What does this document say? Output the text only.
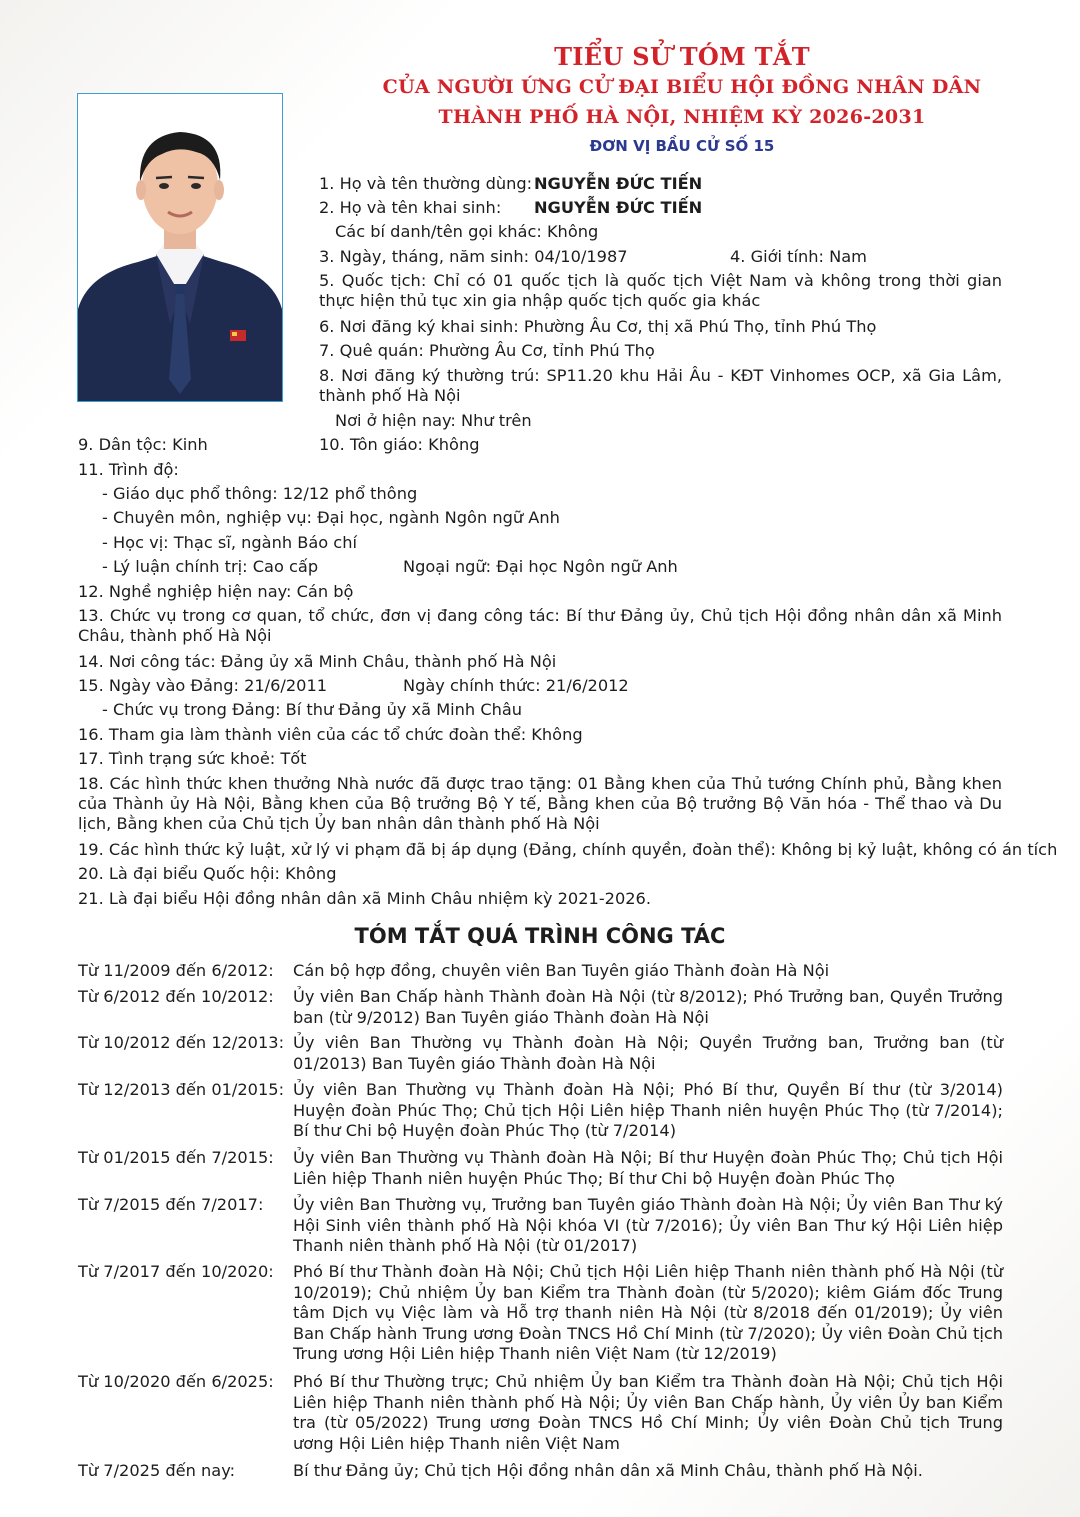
TIỂU SỬ TÓM TẮT
CỦA NGƯỜI ỨNG CỬ ĐẠI BIỂU HỘI ĐỒNG NHÂN DÂN
THÀNH PHỐ HÀ NỘI, NHIỆM KỲ 2026-2031
ĐƠN VỊ BẦU CỬ SỐ 15
1. Họ và tên thường dùng: NGUYỄN ĐỨC TIẾN
2. Họ và tên khai sinh: NGUYỄN ĐỨC TIẾN
Các bí danh/tên gọi khác: Không
3. Ngày, tháng, năm sinh: 04/10/1987	4. Giới tính: Nam
5. Quốc tịch: Chỉ có 01 quốc tịch là quốc tịch Việt Nam và không trong thời gian thực hiện thủ tục xin gia nhập quốc tịch quốc gia khác
6. Nơi đăng ký khai sinh: Phường Âu Cơ, thị xã Phú Thọ, tỉnh Phú Thọ
7. Quê quán: Phường Âu Cơ, tỉnh Phú Thọ
8. Nơi đăng ký thường trú: SP11.20 khu Hải Âu - KĐT Vinhomes OCP, xã Gia Lâm, thành phố Hà Nội
Nơi ở hiện nay: Như trên
9. Dân tộc: Kinh	10. Tôn giáo: Không
11. Trình độ:
- Giáo dục phổ thông: 12/12 phổ thông
- Chuyên môn, nghiệp vụ: Đại học, ngành Ngôn ngữ Anh
- Học vị: Thạc sĩ, ngành Báo chí
- Lý luận chính trị: Cao cấp	Ngoại ngữ: Đại học Ngôn ngữ Anh
12. Nghề nghiệp hiện nay: Cán bộ
13. Chức vụ trong cơ quan, tổ chức, đơn vị đang công tác: Bí thư Đảng ủy, Chủ tịch Hội đồng nhân dân xã Minh Châu, thành phố Hà Nội
14. Nơi công tác: Đảng ủy xã Minh Châu, thành phố Hà Nội
15. Ngày vào Đảng: 21/6/2011	Ngày chính thức: 21/6/2012
- Chức vụ trong Đảng: Bí thư Đảng ủy xã Minh Châu
16. Tham gia làm thành viên của các tổ chức đoàn thể: Không
17. Tình trạng sức khoẻ: Tốt
18. Các hình thức khen thưởng Nhà nước đã được trao tặng: 01 Bằng khen của Thủ tướng Chính phủ, Bằng khen của Thành ủy Hà Nội, Bằng khen của Bộ trưởng Bộ Y tế, Bằng khen của Bộ trưởng Bộ Văn hóa - Thể thao và Du lịch, Bằng khen của Chủ tịch Ủy ban nhân dân thành phố Hà Nội
19. Các hình thức kỷ luật, xử lý vi phạm đã bị áp dụng (Đảng, chính quyền, đoàn thể): Không bị kỷ luật, không có án tích
20. Là đại biểu Quốc hội: Không
21. Là đại biểu Hội đồng nhân dân xã Minh Châu nhiệm kỳ 2021-2026.
TÓM TẮT QUÁ TRÌNH CÔNG TÁC
Từ 11/2009 đến 6/2012: Cán bộ hợp đồng, chuyên viên Ban Tuyên giáo Thành đoàn Hà Nội
Từ 6/2012 đến 10/2012: Ủy viên Ban Chấp hành Thành đoàn Hà Nội (từ 8/2012); Phó Trưởng ban, Quyền Trưởng ban (từ 9/2012) Ban Tuyên giáo Thành đoàn Hà Nội
Từ 10/2012 đến 12/2013: Ủy viên Ban Thường vụ Thành đoàn Hà Nội; Quyền Trưởng ban, Trưởng ban (từ 01/2013) Ban Tuyên giáo Thành đoàn Hà Nội
Từ 12/2013 đến 01/2015: Ủy viên Ban Thường vụ Thành đoàn Hà Nội; Phó Bí thư, Quyền Bí thư (từ 3/2014) Huyện đoàn Phúc Thọ; Chủ tịch Hội Liên hiệp Thanh niên huyện Phúc Thọ (từ 7/2014); Bí thư Chi bộ Huyện đoàn Phúc Thọ (từ 7/2014)
Từ 01/2015 đến 7/2015: Ủy viên Ban Thường vụ Thành đoàn Hà Nội; Bí thư Huyện đoàn Phúc Thọ; Chủ tịch Hội Liên hiệp Thanh niên huyện Phúc Thọ; Bí thư Chi bộ Huyện đoàn Phúc Thọ
Từ 7/2015 đến 7/2017: Ủy viên Ban Thường vụ, Trưởng ban Tuyên giáo Thành đoàn Hà Nội; Ủy viên Ban Thư ký Hội Sinh viên thành phố Hà Nội khóa VI (từ 7/2016); Ủy viên Ban Thư ký Hội Liên hiệp Thanh niên thành phố Hà Nội (từ 01/2017)
Từ 7/2017 đến 10/2020: Phó Bí thư Thành đoàn Hà Nội; Chủ tịch Hội Liên hiệp Thanh niên thành phố Hà Nội (từ 10/2019); Chủ nhiệm Ủy ban Kiểm tra Thành đoàn (từ 5/2020); kiêm Giám đốc Trung tâm Dịch vụ Việc làm và Hỗ trợ thanh niên Hà Nội (từ 8/2018 đến 01/2019); Ủy viên Ban Chấp hành Trung ương Đoàn TNCS Hồ Chí Minh (từ 7/2020); Ủy viên Đoàn Chủ tịch Trung ương Hội Liên hiệp Thanh niên Việt Nam (từ 12/2019)
Từ 10/2020 đến 6/2025: Phó Bí thư Thường trực; Chủ nhiệm Ủy ban Kiểm tra Thành đoàn Hà Nội; Chủ tịch Hội Liên hiệp Thanh niên thành phố Hà Nội; Ủy viên Ban Chấp hành, Ủy viên Ủy ban Kiểm tra (từ 05/2022) Trung ương Đoàn TNCS Hồ Chí Minh; Ủy viên Đoàn Chủ tịch Trung ương Hội Liên hiệp Thanh niên Việt Nam
Từ 7/2025 đến nay:	Bí thư Đảng ủy; Chủ tịch Hội đồng nhân dân xã Minh Châu, thành phố Hà Nội.
